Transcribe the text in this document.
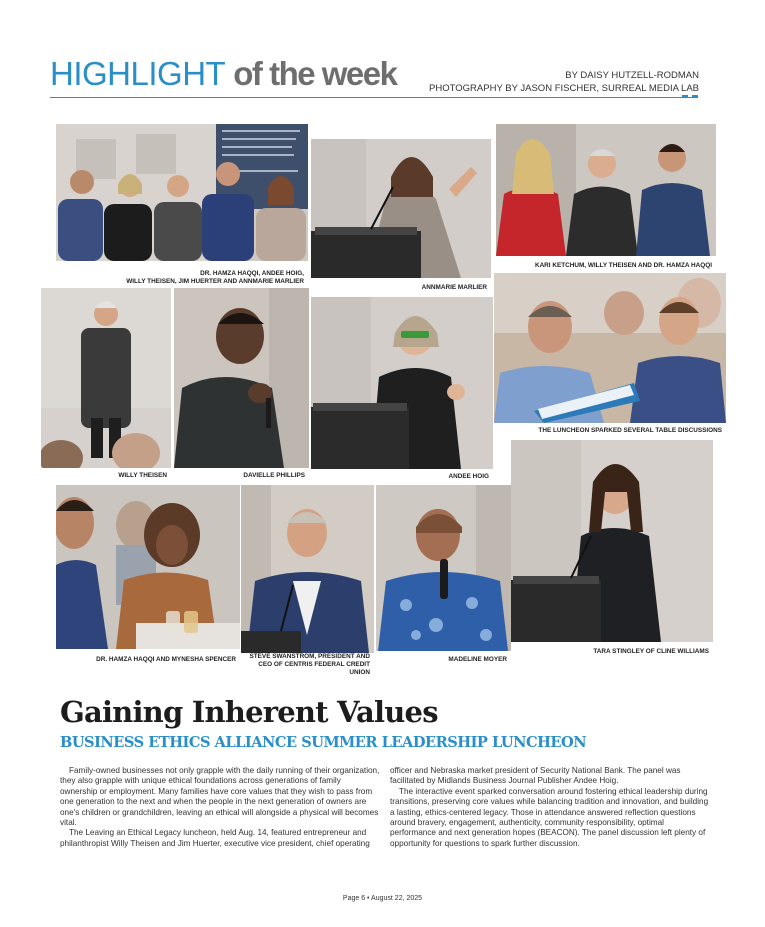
HIGHLIGHT of the week	BY DAISY HUTZELL-RODMAN
PHOTOGRAPHY BY JASON FISCHER, SURREAL MEDIA LAB
DR. HAMZA HAQQI, ANDEE HOIG,
WILLY THEISEN, JIM HUERTER AND ANNMARIE MARLIER
ANNMARIE MARLIER
KARI KETCHUM, WILLY THEISEN AND DR. HAMZA HAQQI
WILLY THEISEN	DAVIELLE PHILLIPS	ANDEE HOIG
THE LUNCHEON SPARKED SEVERAL TABLE DISCUSSIONS
DR. HAMZA HAQQI AND MYNESHA SPENCER	STEVE SWANSTROM, PRESIDENT AND
CEO OF CENTRIS FEDERAL CREDIT UNION
MADELINE MOYER
TARA STINGLEY OF CLINE WILLIAMS
Gaining Inherent Values
BUSINESS ETHICS ALLIANCE SUMMER LEADERSHIP LUNCHEON

Family-owned businesses not only grapple with the daily running of their organization, they also grapple with unique ethical foundations across generations of family ownership or employment. Many families have core values that they wish to pass from one generation to the next and when the people in the next generation of owners are one's children or grandchildren, leaving an ethical will alongside a physical will becomes vital.

The Leaving an Ethical Legacy luncheon, held Aug. 14, featured entrepreneur and philanthropist Willy Theisen and Jim Huerter, executive vice president, chief operating

officer and Nebraska market president of Security National Bank. The panel was facilitated by Midlands Business Journal Publisher Andee Hoig.

The interactive event sparked conversation around fostering ethical leadership during transitions, preserving core values while balancing tradition and innovation, and building a lasting, ethics-centered legacy. Those in attendance answered reflection questions around bravery, engagement, authenticity, community responsibility, optimal performance and next generation hopes (BEACON). The panel discussion left plenty of opportunity for questions to spark further discussion.

Page 6 • August 22, 2025
